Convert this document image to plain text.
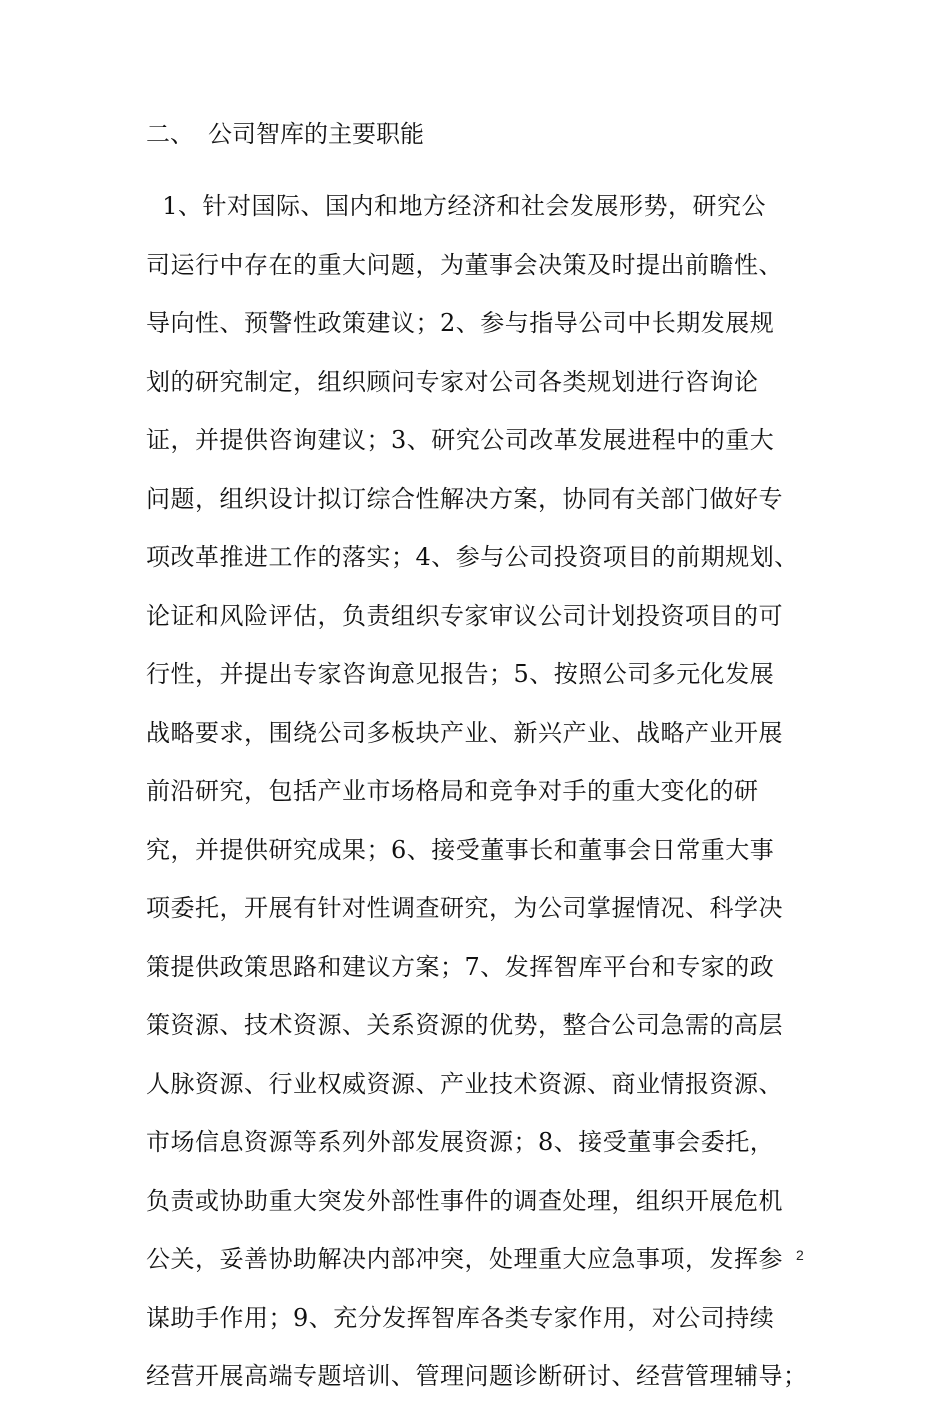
二、 公司智库的主要职能
1、针对国际、国内和地方经济和社会发展形势，研究公
司运行中存在的重大问题，为董事会决策及时提出前瞻性、
导向性、预警性政策建议；2、参与指导公司中长期发展规
划的研究制定，组织顾问专家对公司各类规划进行咨询论
证，并提供咨询建议；3、研究公司改革发展进程中的重大
问题，组织设计拟订综合性解决方案，协同有关部门做好专
项改革推进工作的落实；4、参与公司投资项目的前期规划、
论证和风险评估，负责组织专家审议公司计划投资项目的可
行性，并提出专家咨询意见报告；5、按照公司多元化发展
战略要求，围绕公司多板块产业、新兴产业、战略产业开展
前沿研究，包括产业市场格局和竞争对手的重大变化的研
究，并提供研究成果；6、接受董事长和董事会日常重大事
项委托，开展有针对性调查研究，为公司掌握情况、科学决
策提供政策思路和建议方案；7、发挥智库平台和专家的政
策资源、技术资源、关系资源的优势，整合公司急需的高层
人脉资源、行业权威资源、产业技术资源、商业情报资源、
市场信息资源等系列外部发展资源；8、接受董事会委托，
负责或协助重大突发外部性事件的调查处理，组织开展危机
公关，妥善协助解决内部冲突，处理重大应急事项，发挥参
谋助手作用；9、充分发挥智库各类专家作用，对公司持续
经营开展高端专题培训、管理问题诊断研讨、经营管理辅导；
2
